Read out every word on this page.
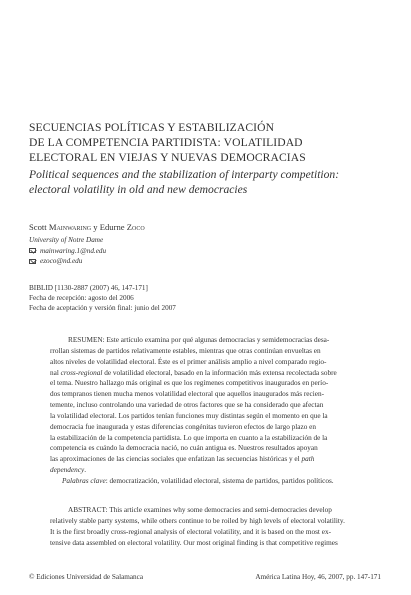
SECUENCIAS POLÍTICAS Y ESTABILIZACIÓN
DE LA COMPETENCIA PARTIDISTA: VOLATILIDAD
ELECTORAL EN VIEJAS Y NUEVAS DEMOCRACIAS
Political sequences and the stabilization of interparty competition:
electoral volatility in old and new democracies
Scott Mainwaring y Edurne Zoco
University of Notre Dame
mainwaring.1@nd.edu
ezoco@nd.edu
BIBLID [1130-2887 (2007) 46, 147-171]
Fecha de recepción: agosto del 2006
Fecha de aceptación y versión final: junio del 2007
RESUMEN: Este artículo examina por qué algunas democracias y semidemocracias desa-
rrollan sistemas de partidos relativamente estables, mientras que otras continúan envueltas en
altos niveles de volatilidad electoral. Éste es el primer análisis amplio a nivel comparado regio-
nal cross-regional de volatilidad electoral, basado en la información más extensa recolectada sobre
el tema. Nuestro hallazgo más original es que los regímenes competitivos inaugurados en perío-
dos tempranos tienen mucha menos volatilidad electoral que aquellos inaugurados más recien-
temente, incluso controlando una variedad de otros factores que se ha considerado que afectan
la volatilidad electoral. Los partidos tenían funciones muy distintas según el momento en que la
democracia fue inaugurada y estas diferencias congénitas tuvieron efectos de largo plazo en
la estabilización de la competencia partidista. Lo que importa en cuanto a la estabilización de la
competencia es cuándo la democracia nació, no cuán antigua es. Nuestros resultados apoyan
las aproximaciones de las ciencias sociales que enfatizan las secuencias históricas y el path
dependency.
Palabras clave: democratización, volatilidad electoral, sistema de partidos, partidos políticos.
ABSTRACT: This article examines why some democracies and semi-democracies develop
relatively stable party systems, while others continue to be roiled by high levels of electoral volatility.
It is the first broadly cross-regional analysis of electoral volatility, and it is based on the most ex-
tensive data assembled on electoral volatility. Our most original finding is that competitive regimes
© Ediciones Universidad de Salamanca	América Latina Hoy, 46, 2007, pp. 147-171
